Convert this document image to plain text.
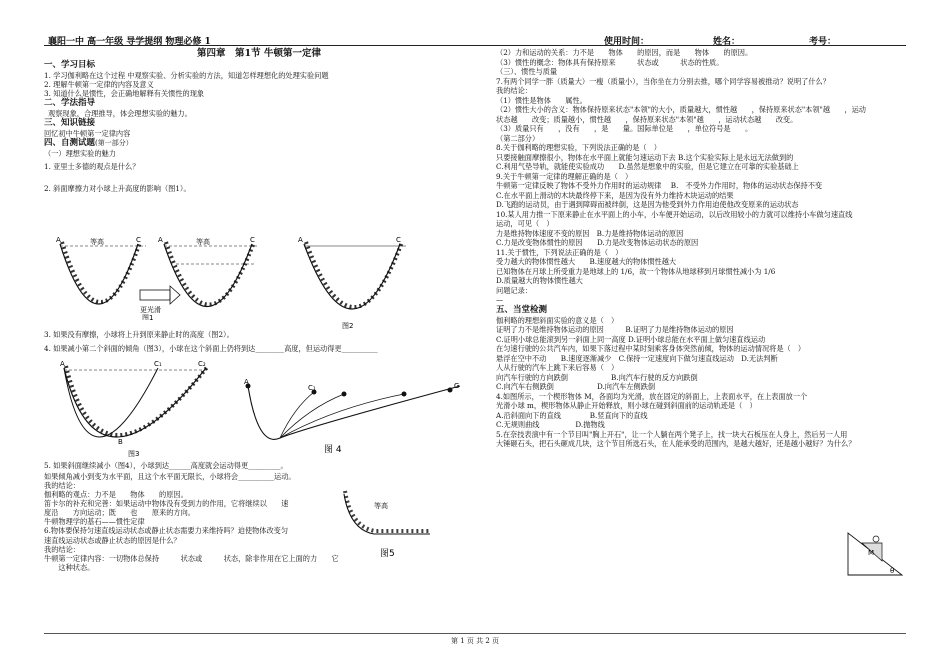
襄阳一中 高一年级 导学提纲 物理必修 1	使用时间：	姓名：	考号：

第四章　第1节 牛顿第一定律

一、学习目标

1. 学习伽利略在这个过程 中观察实验、分析实验的方法，知道怎样理想化的处理实验问题

2. 理解牛顿第一定律的内容及意义

3. 知道什么是惯性，会正确地解释有关惯性的现象

二、学法指导

观察现象，合理推导，体会理想实验的魅力。

三、知识链接

回忆初中牛顿第一定律内容

四、自测试题(第一部分）

（一）理想实验的魅力

1. 亚里士多德的观点是什么？

2. 斜面摩擦力对小球上升高度的影响（图1）。

3. 如果没有摩擦，小球将上升到原来静止时的高度（图2）。

4. 如果减小第二个斜面的倾角（图3），小球在这个斜面上仍将到达________高度，但运动得更__________

5. 如果斜面继续减小（图4），小球到达______高度就会运动得更_________。

如果倾角减小到变为水平面，且这个水平面无限长，小球将会__________运动。

我的结论：

伽利略的观点：力不是　　物体　　的原因。

笛卡尔的补充和完善：如果运动中物体没有受到力的作用，它将继续以　　速

度沿　　方向运动；既　　也　　原来的方向。

牛顿物理学的基石——惯性定律

6.物体要保持匀速直线运动状态或静止状态需要力来维持吗？迫使物体改变匀

速直线运动状态或静止状态的原因是什么？

我的结论：

牛顿第一定律内容：一切物体总保持　　　状态或　　　状态，除非作用在它上面的力　　它

　　这种状态。

A	C
等高	A	C
等高
更光滑
图1
A	C
图2
A	C₁	C₂
B
图3
A
C₁	G
图 4
等高
图5

（2）力和运动的关系：力不是　　物体　　的原因，而是　　物体　　的原因。

（3）惯性的概念：物体具有保持原来　　　状态或　　　状态的性质。

（三）、惯性与质量

7.有两个同学一胖（质量大）一瘦（质量小），当你坐在力分别去推，哪个同学容易被推动？说明了什么？

我的结论：

（1）惯性是物体　　属性。

（2）惯性大小的含义：物体保持原来状态"本领"的大小，质量越大，惯性越　　，保持原来状态"本领"越　　，运动

状态越　　改变；质量越小，惯性越　　，保持原来状态"本领"越　　，运动状态越　　改变。

（3）质量只有　　，没有　　，是　　量。国际单位是　　，单位符号是　　。

（第二部分）

8.关于伽利略的理想实验，下列说法正确的是（　）

只要接触面摩擦很小，物体在水平面上就能匀速运动下去 B.这个实验实际上是永远无法做到的

C.利用气垫导轨，就能使实验成功　　D.虽然是想象中的实验，但是它建立在可靠的实验基础上

9.关于牛顿第一定律的理解正确的是（　）

牛顿第一定律反映了物体不受外力作用时的运动规律　 B.　不受外力作用时，物体的运动状态保持不变

C.在水平面上滑动的木块最终停下来，是因为没有外力维持木块运动的结果

D.飞跑的运动员，由于遇到障碍而被绊倒，这是因为他受到外力作用迫使他改变原来的运动状态

10.某人用力推一下原来静止在水平面上的小车，小车便开始运动，以后改用较小的力就可以维持小车做匀速直线

运动，可见（　）

力是维持物体速度不变的原因　B.力是维持物体运动的原因

C.力是改变物体惯性的原因　　D.力是改变物体运动状态的原因

11.关于惯性，下列说法正确的是（　）

受力越大的物体惯性越大　　B.速度越大的物体惯性越大

已知物体在月球上所受重力是地球上的 1/6，故一个物体从地球移到月球惯性减小为 1/6

D.质量越大的物体惯性越大

问题记录：

—

五、当堂检测

伽利略的理想斜面实验的意义是（　）

证明了力不是维持物体运动的原因　　　B.证明了力是维持物体运动的原因

C.证明小球总能滚到另一斜面上同一高度 D.证明小球总能在水平面上做匀速直线运动

在匀速行驶的公共汽车内，如果下落过程中某时刻乘客身体突然前倾，物体的运动情况将是（　）

悬浮在空中不动　　B.速度逐渐减少　C.保持一定速度向下做匀速直线运动　D.无法判断

人从行驶的汽车上跳下来后容易（　）

向汽车行驶的方向跌倒　　　　　　B.向汽车行驶的反方向跌倒

C.向汽车右侧跌倒　　　　　　D.向汽车左侧跌倒

4.如图所示，一个楔形物体 M，各面均为光滑，放在固定的斜面上，上表面水平，在上表面放一个

光滑小球 m，楔形物体从静止开始释放，则小球在碰到斜面前的运动轨迹是（　）

A.沿斜面向下的直线　　　　B.竖直向下的直线

C.无规则曲线　　　　　D.抛物线

5.在奈技表演中有一个节目叫"胸上开石"，让一个人躺在两个凳子上，找一块大石板压在人身上，然后另一人用

大锤砸石头，把石头砸成几块，这个节目所选石头，在人能承受的范围内，是越大越好，还是越小越好？为什么？

M
θ
第 1 页 共 2 页
